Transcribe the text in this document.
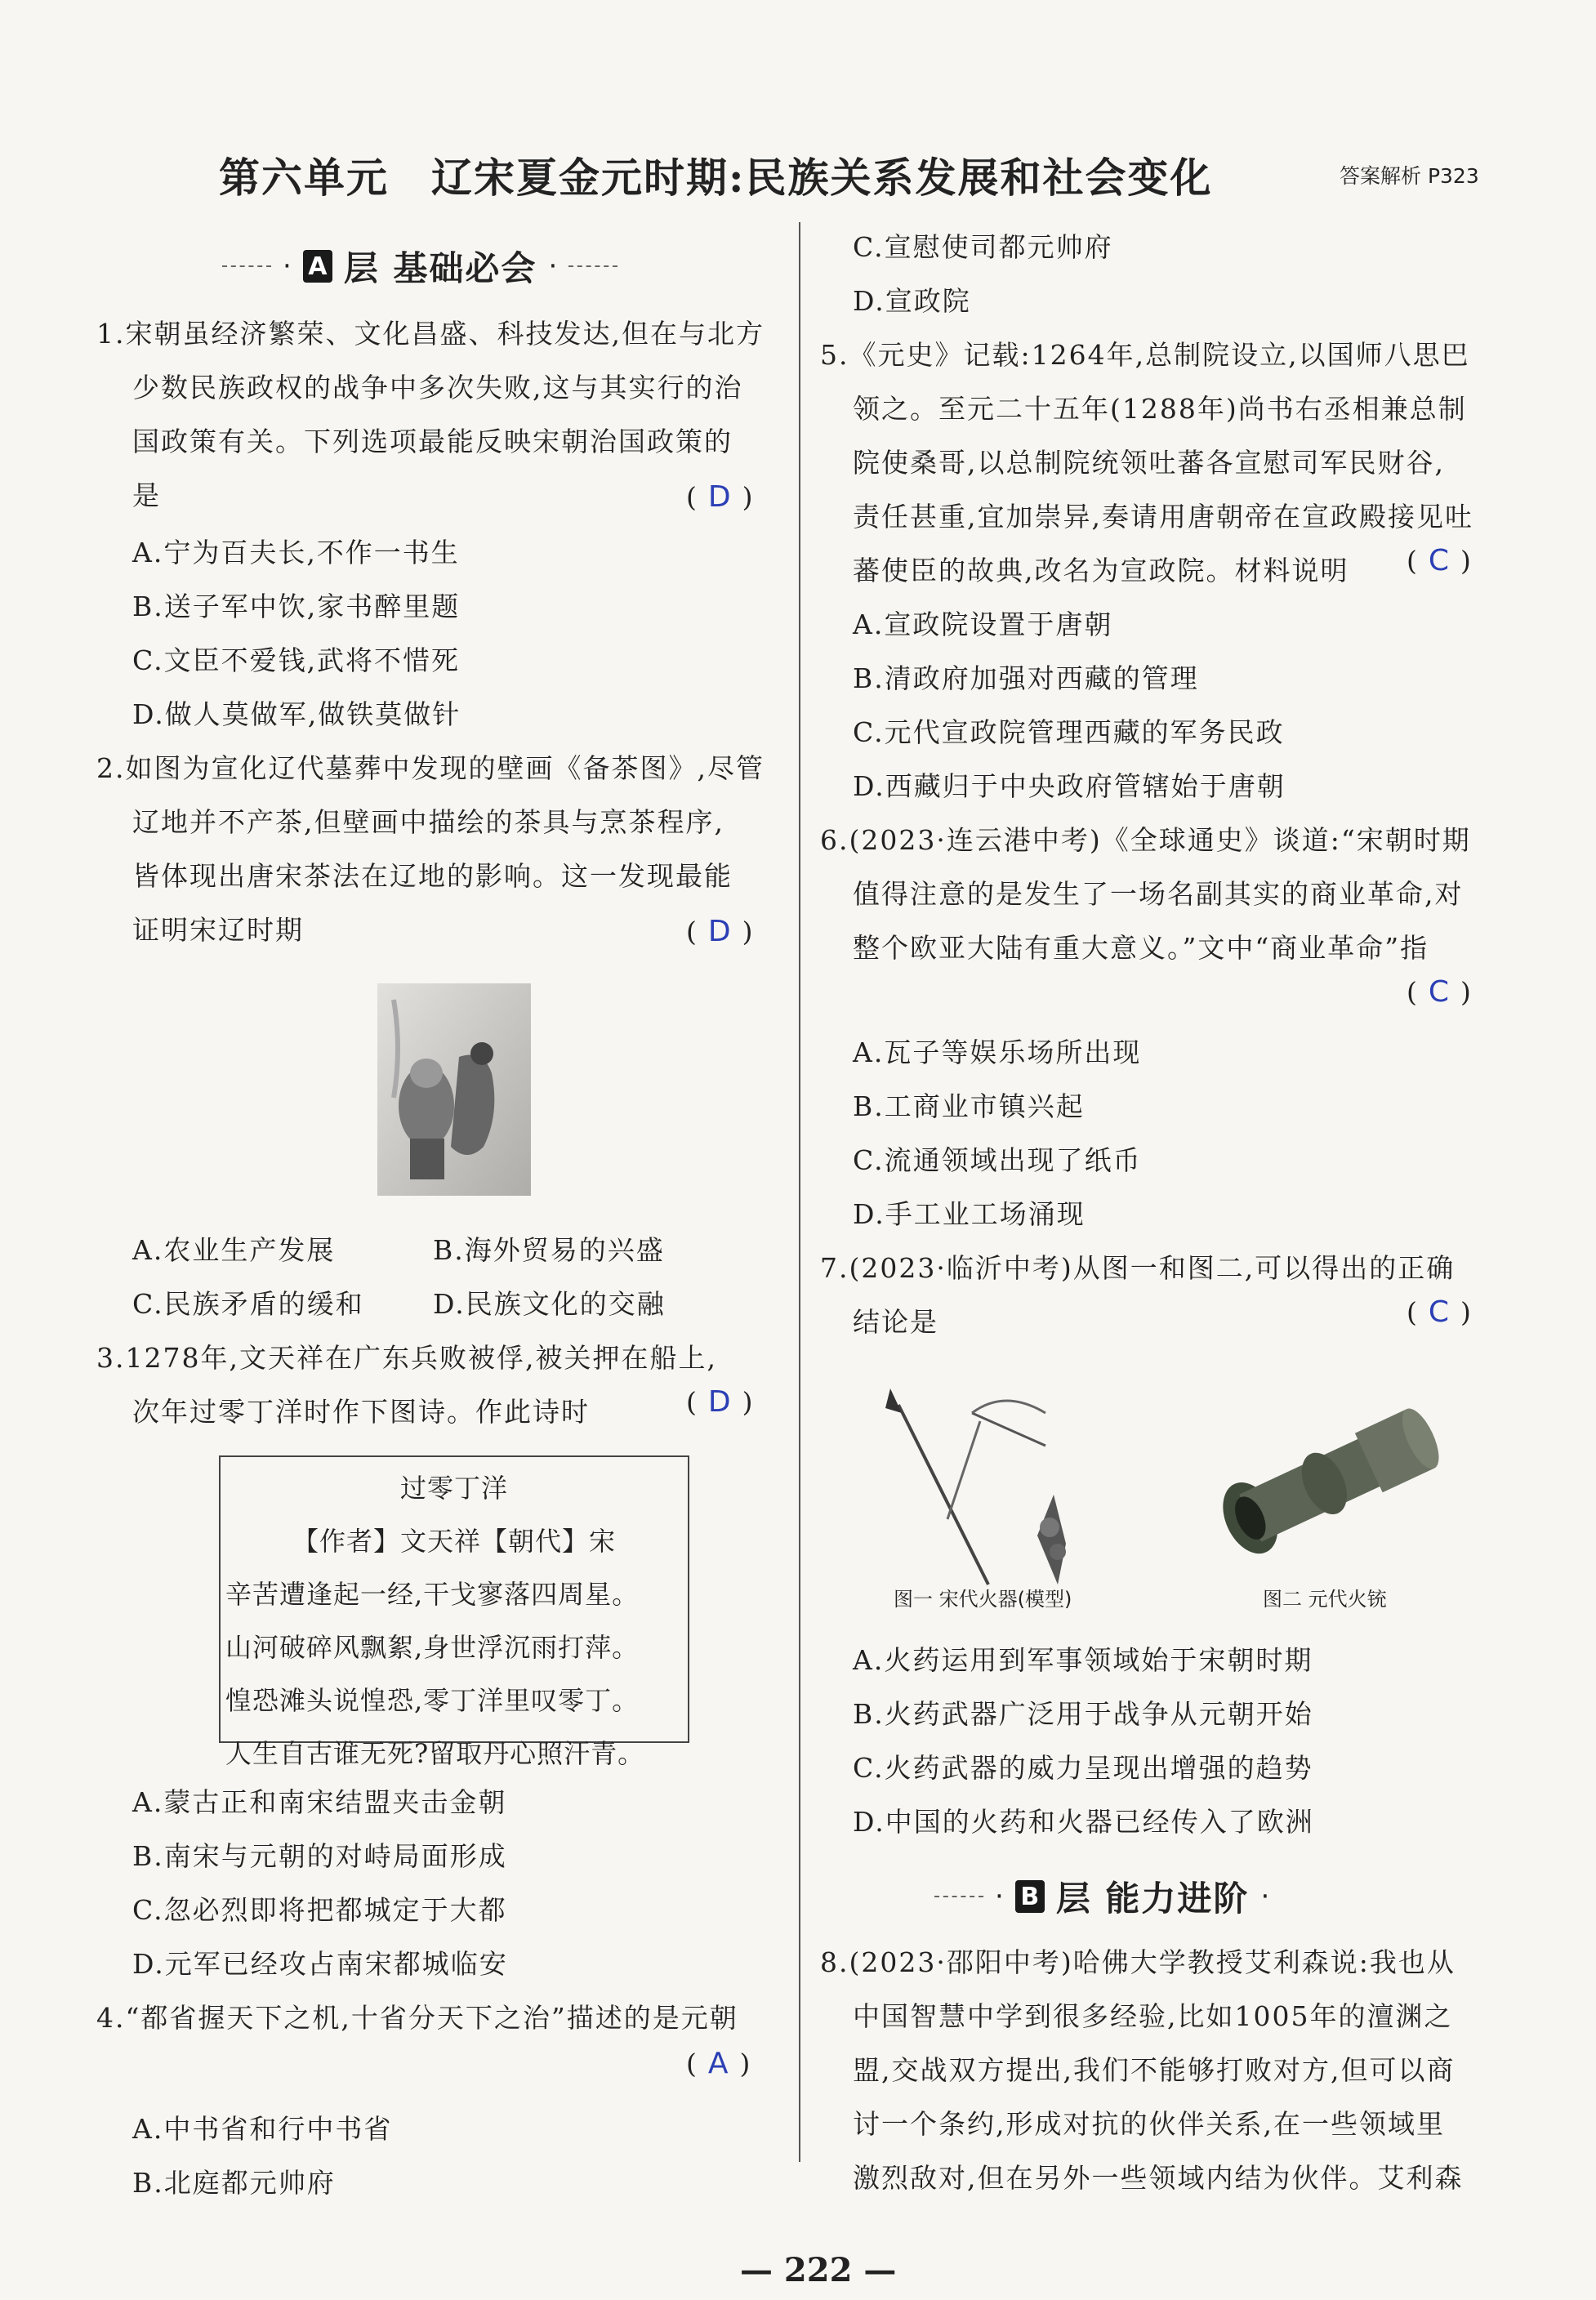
第六单元　辽宋夏金元时期:民族关系发展和社会变化	答案解析 P323
· A 层 基础必会 ·
1.宋朝虽经济繁荣、文化昌盛、科技发达,但在与北方
少数民族政权的战争中多次失败,这与其实行的治
国政策有关。下列选项最能反映宋朝治国政策的
是	(D)
A.宁为百夫长,不作一书生
B.送子军中饮,家书醉里题
C.文臣不爱钱,武将不惜死
D.做人莫做军,做铁莫做针
2.如图为宣化辽代墓葬中发现的壁画《备茶图》,尽管
辽地并不产茶,但壁画中描绘的茶具与烹茶程序,
皆体现出唐宋茶法在辽地的影响。这一发现最能
证明宋辽时期	(D)
A.农业生产发展	B.海外贸易的兴盛
C.民族矛盾的缓和	D.民族文化的交融
3.1278年,文天祥在广东兵败被俘,被关押在船上,
次年过零丁洋时作下图诗。作此诗时	(D)
过零丁洋
【作者】文天祥【朝代】宋
辛苦遭逢起一经,干戈寥落四周星。
山河破碎风飘絮,身世浮沉雨打萍。
惶恐滩头说惶恐,零丁洋里叹零丁。
人生自古谁无死?留取丹心照汗青。
A.蒙古正和南宋结盟夹击金朝
B.南宋与元朝的对峙局面形成
C.忽必烈即将把都城定于大都
D.元军已经攻占南宋都城临安
4.“都省握天下之机,十省分天下之治”描述的是元朝
(A)
A.中书省和行中书省
B.北庭都元帅府
C.宣慰使司都元帅府
D.宣政院
5.《元史》记载:1264年,总制院设立,以国师八思巴
领之。至元二十五年(1288年)尚书右丞相兼总制
院使桑哥,以总制院统领吐蕃各宣慰司军民财谷,
责任甚重,宜加崇异,奏请用唐朝帝在宣政殿接见吐
蕃使臣的故典,改名为宣政院。材料说明	(C)
A.宣政院设置于唐朝
B.清政府加强对西藏的管理
C.元代宣政院管理西藏的军务民政
D.西藏归于中央政府管辖始于唐朝
6.(2023·连云港中考)《全球通史》谈道:“宋朝时期
值得注意的是发生了一场名副其实的商业革命,对
整个欧亚大陆有重大意义。”文中“商业革命”指
(C)
A.瓦子等娱乐场所出现
B.工商业市镇兴起
C.流通领域出现了纸币
D.手工业工场涌现
7.(2023·临沂中考)从图一和图二,可以得出的正确
结论是	(C)
图一 宋代火器(模型)	图二 元代火铳
A.火药运用到军事领域始于宋朝时期
B.火药武器广泛用于战争从元朝开始
C.火药武器的威力呈现出增强的趋势
D.中国的火药和火器已经传入了欧洲
· B 层 能力进阶 ·
8.(2023·邵阳中考)哈佛大学教授艾利森说:我也从
中国智慧中学到很多经验,比如1005年的澶渊之
盟,交战双方提出,我们不能够打败对方,但可以商
讨一个条约,形成对抗的伙伴关系,在一些领域里
激烈敌对,但在另外一些领域内结为伙伴。艾利森
— 222 —
